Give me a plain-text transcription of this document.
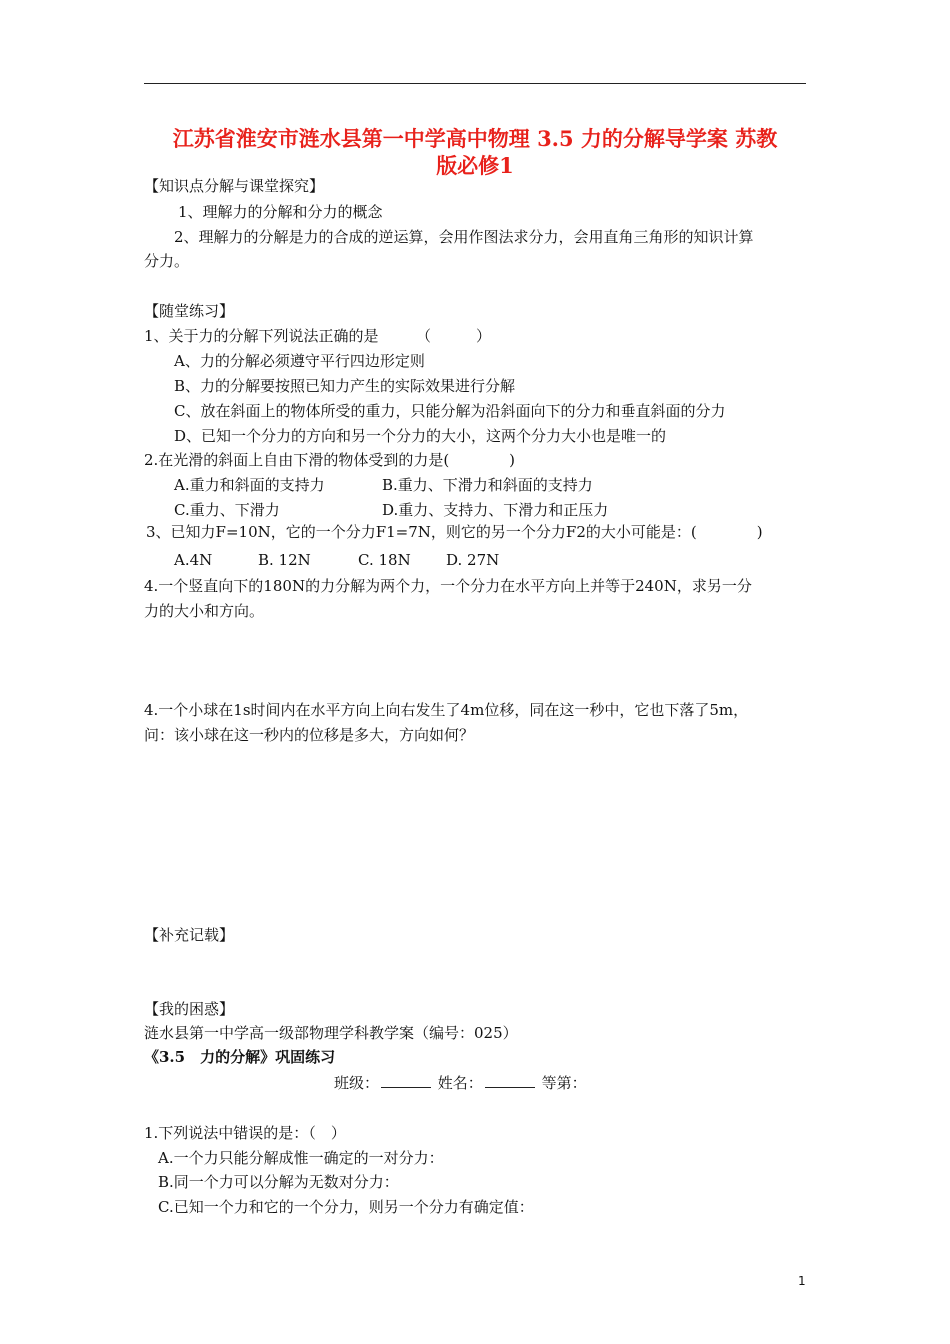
江苏省淮安市涟水县第一中学高中物理 3.5 力的分解导学案 苏教
版必修1
【知识点分解与课堂探究】
1、理解力的分解和分力的概念
2、理解力的分解是力的合成的逆运算，会用作图法求分力，会用直角三角形的知识计算
分力。
【随堂练习】
1、关于力的分解下列说法正确的是　　　（　　　）
A、力的分解必须遵守平行四边形定则
B、力的分解要按照已知力产生的实际效果进行分解
C、放在斜面上的物体所受的重力，只能分解为沿斜面向下的分力和垂直斜面的分力
D、已知一个分力的方向和另一个分力的大小，这两个分力大小也是唯一的
2.在光滑的斜面上自由下滑的物体受到的力是(　　　　)
A.重力和斜面的支持力	B.重力、下滑力和斜面的支持力
C.重力、下滑力	D.重力、支持力、下滑力和正压力
3、已知力F=10N，它的一个分力F1=7N，则它的另一个分力F2的大小可能是：(　　　　)
A.4N	B. 12N	C. 18N D. 27N
4.一个竖直向下的180N的力分解为两个力，一个分力在水平方向上并等于240N，求另一分
力的大小和方向。
4.一个小球在1s时间内在水平方向上向右发生了4m位移，同在这一秒中，它也下落了5m，
问：该小球在这一秒内的位移是多大，方向如何？
【补充记载】
【我的困惑】
涟水县第一中学高一级部物理学科教学案（编号：025）
《3.5　力的分解》巩固练习
班级：	姓名：	等第：
1.下列说法中错误的是：（　）
A.一个力只能分解成惟一确定的一对分力：
B.同一个力可以分解为无数对分力：
C.已知一个力和它的一个分力，则另一个分力有确定值：
1
